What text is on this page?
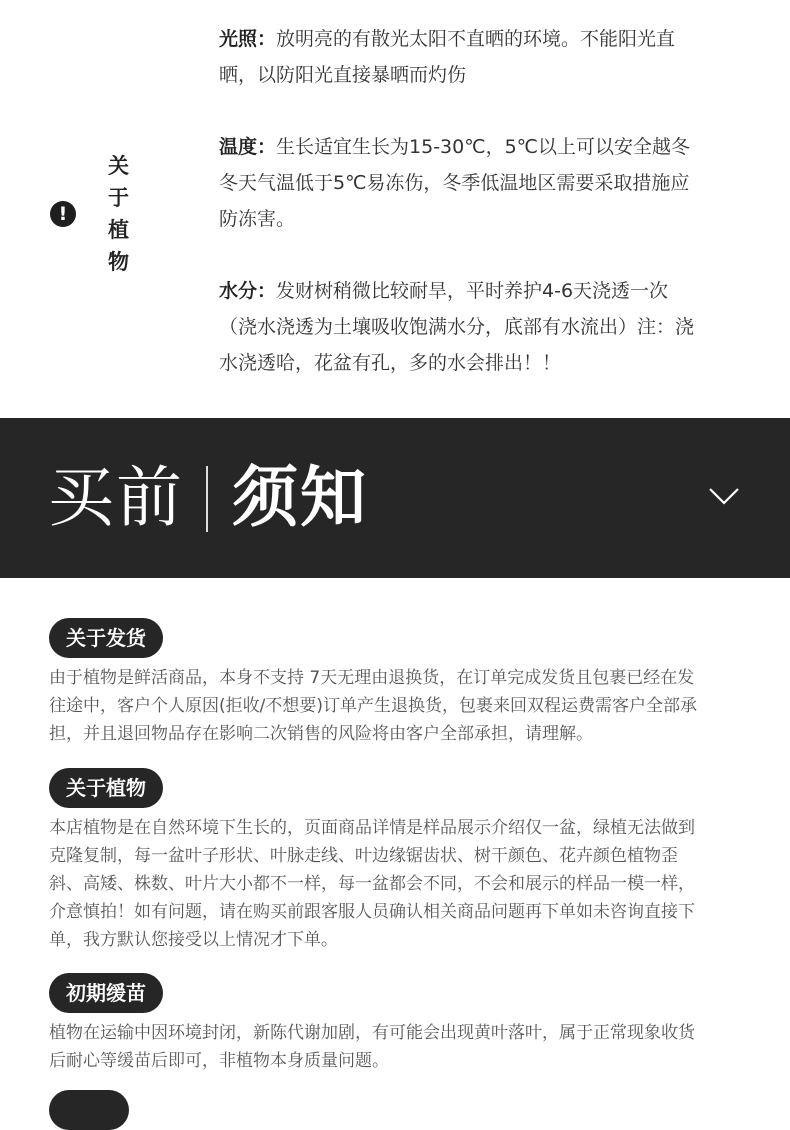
!
关 于 植 物
光照：放明亮的有散光太阳不直晒的环境。不能阳光直晒，以防阳光直接暴晒而灼伤
温度：生长适宜生长为15-30℃，5℃以上可以安全越冬冬天气温低于5℃易冻伤，冬季低温地区需要采取措施应防冻害。
水分：发财树稍微比较耐旱，平时养护4-6天浇透一次（浇水浇透为土壤吸收饱满水分，底部有水流出）注：浇水浇透哈，花盆有孔，多的水会排出！！
买前 须知
关于发货
由于植物是鲜活商品，本身不支持 7天无理由退换货，在订单完成发货且包裹已经在发往途中，客户个人原因(拒收/不想要)订单产生退换货，包裹来回双程运费需客户全部承担，并且退回物品存在影响二次销售的风险将由客户全部承担，请理解。
关于植物
本店植物是在自然环境下生长的，页面商品详情是样品展示介绍仅一盆，绿植无法做到克隆复制，每一盆叶子形状、叶脉走线、叶边缘锯齿状、树干颜色、花卉颜色植物歪斜、高矮、株数、叶片大小都不一样，每一盆都会不同，不会和展示的样品一模一样，介意慎拍！如有问题，请在购买前跟客服人员确认相关商品问题再下单如未咨询直接下单，我方默认您接受以上情况才下单。
初期缓苗
植物在运输中因环境封闭，新陈代谢加剧，有可能会出现黄叶落叶，属于正常现象收货后耐心等缓苗后即可，非植物本身质量问题。
